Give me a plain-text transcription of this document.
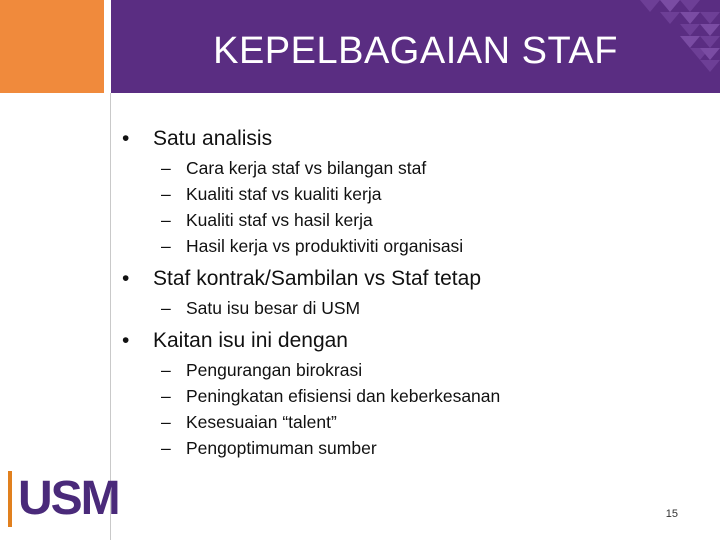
KEPELBAGAIAN STAF
• Satu analisis
– Cara kerja staf vs bilangan staf
– Kualiti staf vs kualiti kerja
– Kualiti staf vs hasil kerja
– Hasil kerja vs produktiviti organisasi
• Staf kontrak/Sambilan vs Staf tetap
– Satu isu besar di USM
• Kaitan isu ini dengan
– Pengurangan birokrasi
– Peningkatan efisiensi dan keberkesanan
– Kesesuaian “talent”
– Pengoptimuman sumber
USM	15
